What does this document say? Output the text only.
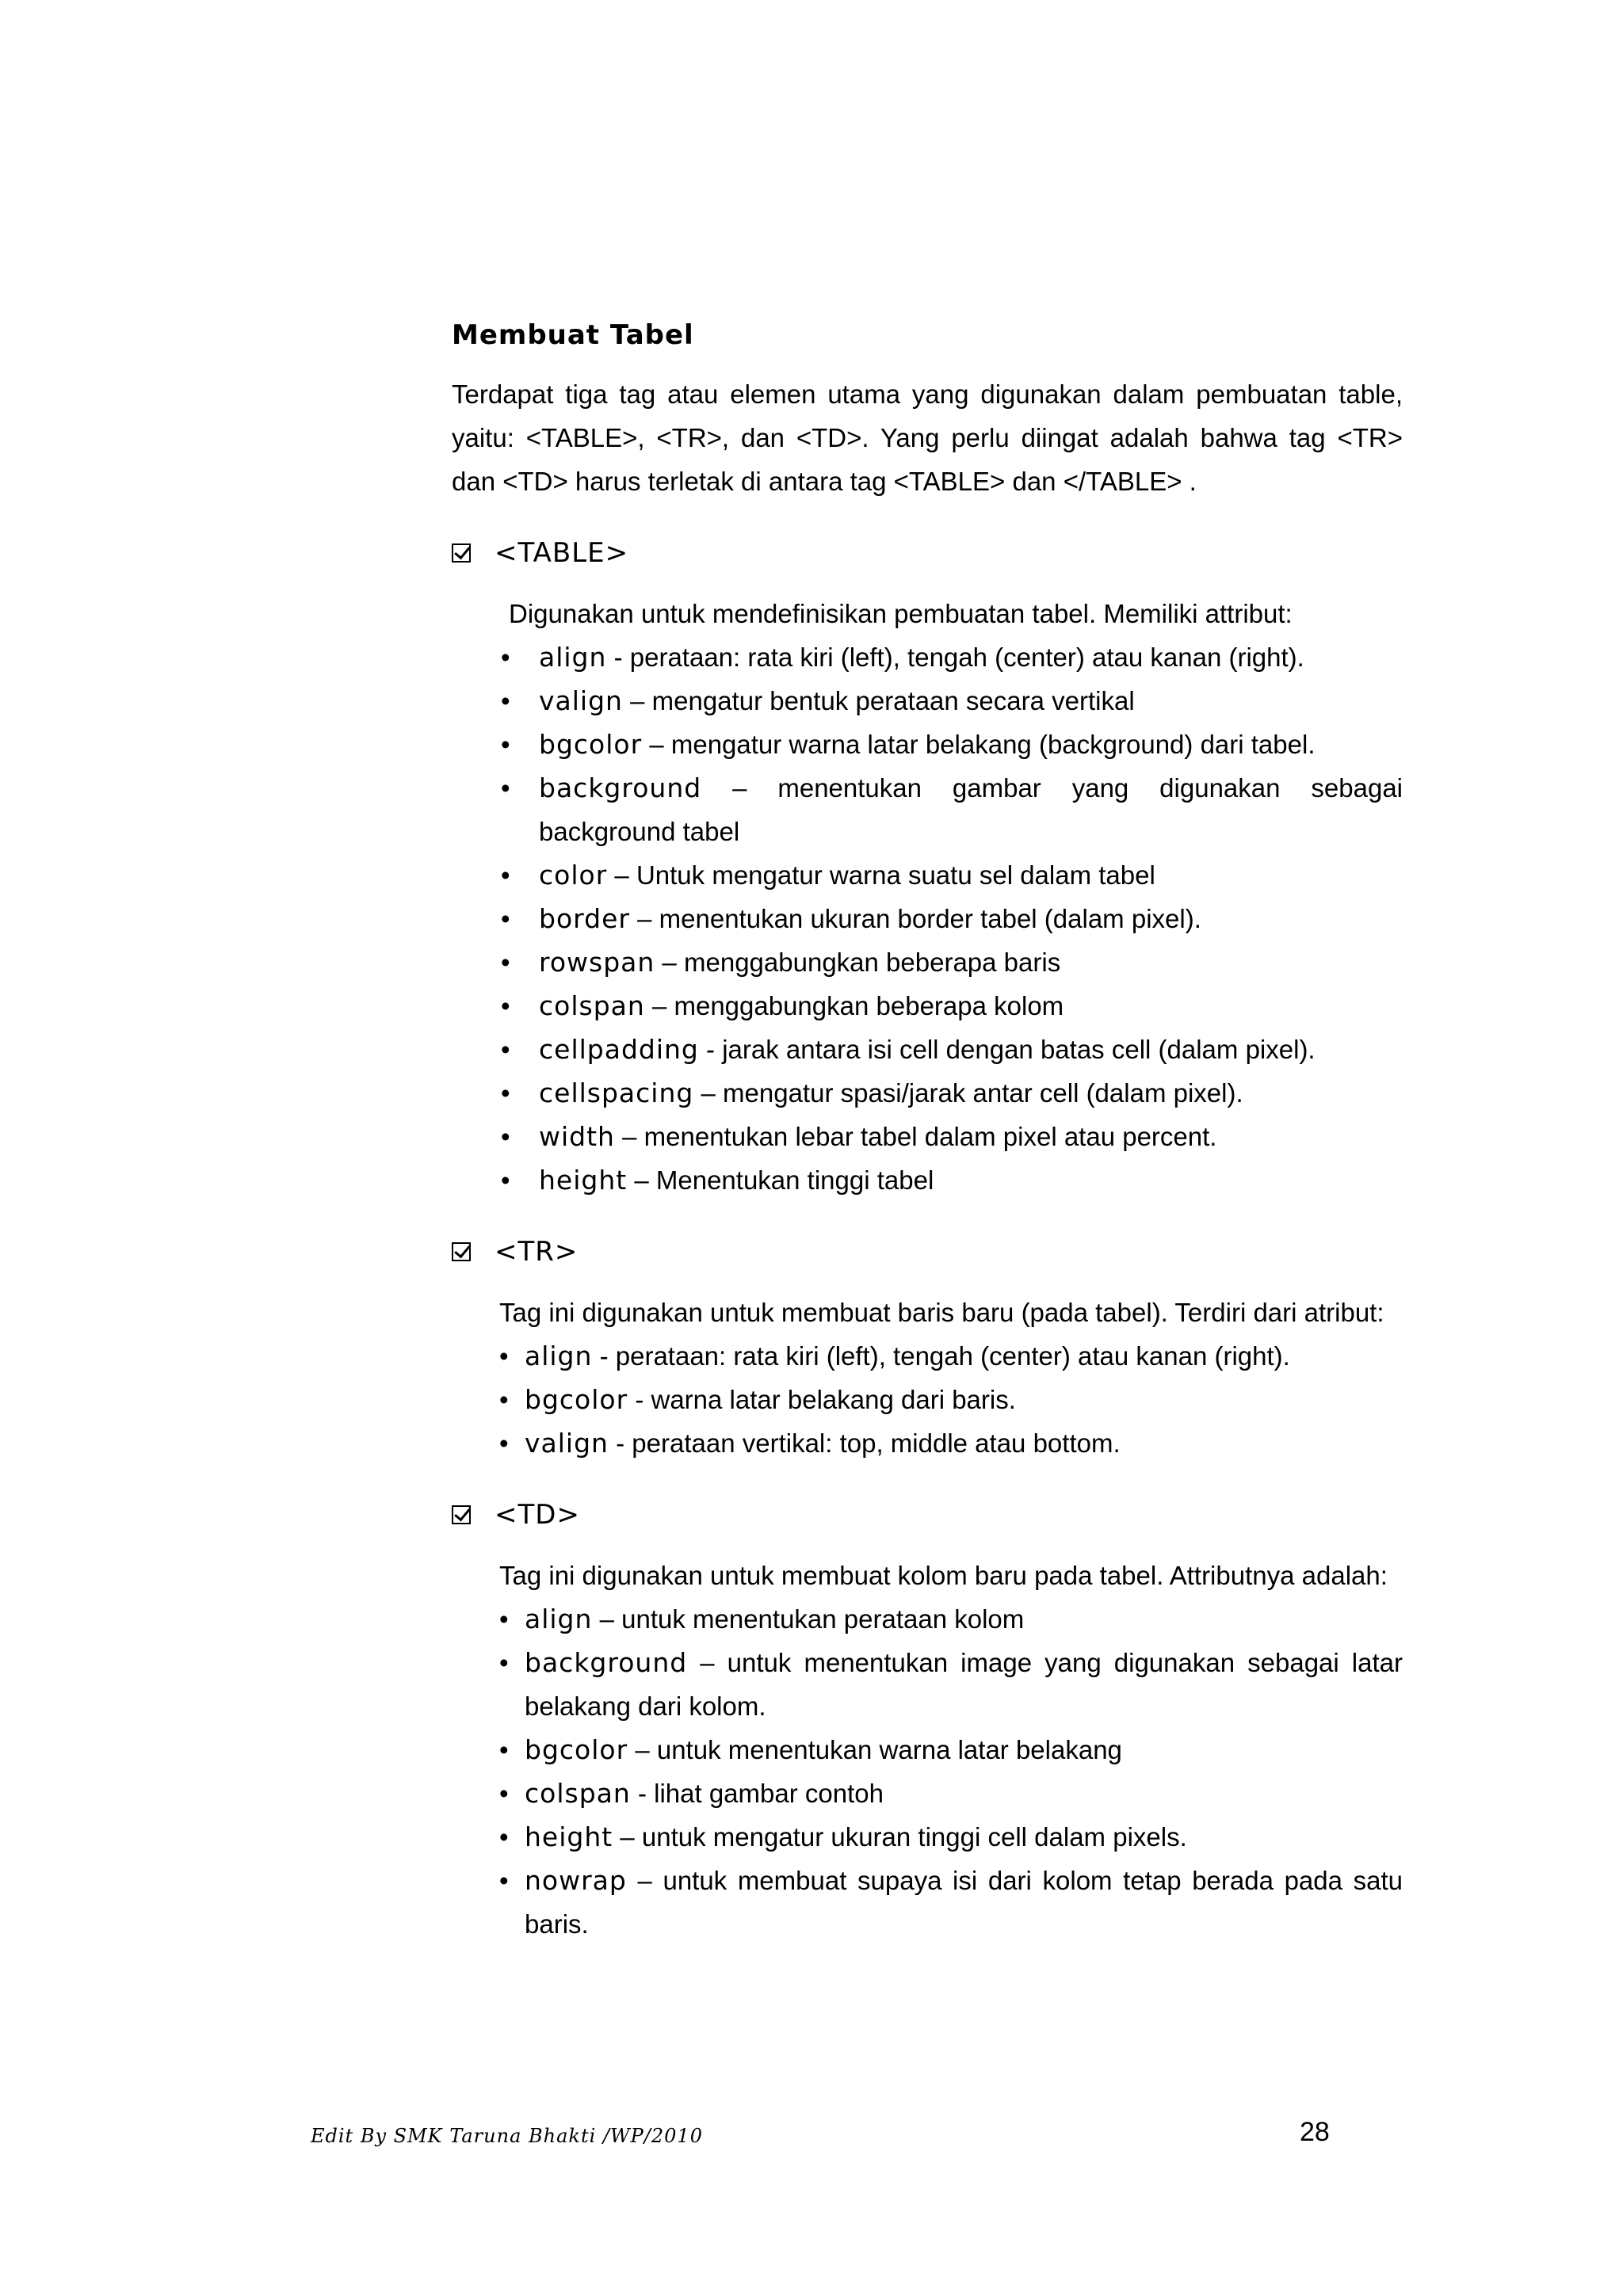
Membuat Tabel

Terdapat tiga tag atau elemen utama yang digunakan dalam pembuatan table, yaitu: <TABLE>, <TR>, dan <TD>. Yang perlu diingat adalah bahwa tag <TR> dan <TD> harus terletak di antara tag <TABLE> dan </TABLE> .

<TABLE>

Digunakan untuk mendefinisikan pembuatan tabel. Memiliki attribut:

• align - perataan: rata kiri (left), tengah (center) atau kanan (right).
• valign – mengatur bentuk perataan secara vertikal
• bgcolor – mengatur warna latar belakang (background) dari tabel.
• background – menentukan gambar yang digunakan sebagai background tabel
• color – Untuk mengatur warna suatu sel dalam tabel
• border – menentukan ukuran border tabel (dalam pixel).
• rowspan – menggabungkan beberapa baris
• colspan – menggabungkan beberapa kolom
• cellpadding - jarak antara isi cell dengan batas cell (dalam pixel).
• cellspacing – mengatur spasi/jarak antar cell (dalam pixel).
• width – menentukan lebar tabel dalam pixel atau percent.
• height – Menentukan tinggi tabel
<TR>

Tag ini digunakan untuk membuat baris baru (pada tabel). Terdiri dari atribut:

• align - perataan: rata kiri (left), tengah (center) atau kanan (right).
• bgcolor - warna latar belakang dari baris.
• valign - perataan vertikal: top, middle atau bottom.
<TD>

Tag ini digunakan untuk membuat kolom baru pada tabel. Attributnya adalah:

• align – untuk menentukan perataan kolom
• background – untuk menentukan image yang digunakan sebagai latar belakang dari kolom.
• bgcolor – untuk menentukan warna latar belakang
• colspan - lihat gambar contoh
• height – untuk mengatur ukuran tinggi cell dalam pixels.
• nowrap – untuk membuat supaya isi dari kolom tetap berada pada satu baris.
Edit By SMK Taruna Bhakti /WP/2010	28
